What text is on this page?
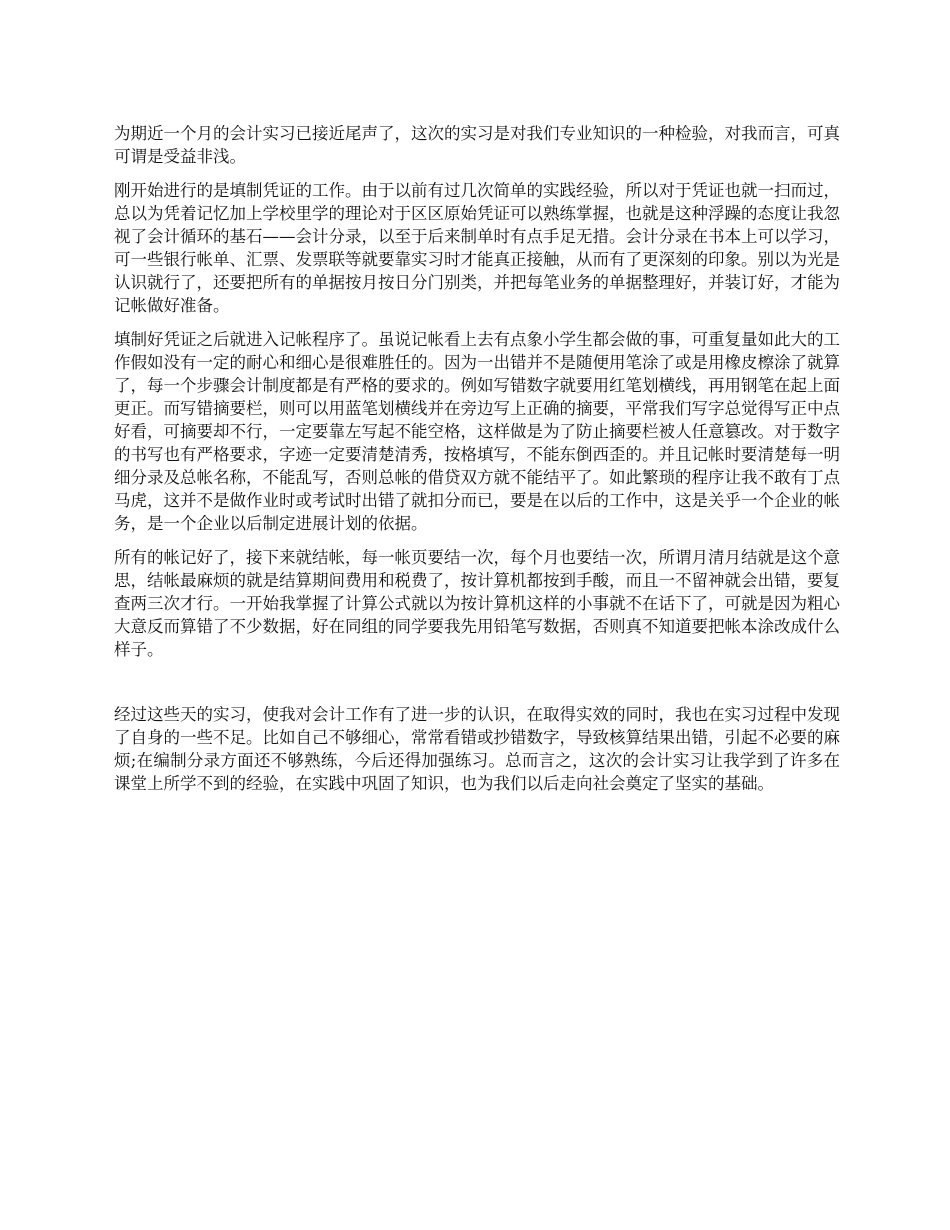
为期近一个月的会计实习已接近尾声了，这次的实习是对我们专业知识的一种检验，对我而言，可真可谓是受益非浅。

刚开始进行的是填制凭证的工作。由于以前有过几次简单的实践经验，所以对于凭证也就一扫而过，总以为凭着记忆加上学校里学的理论对于区区原始凭证可以熟练掌握，也就是这种浮躁的态度让我忽视了会计循环的基石——会计分录，以至于后来制单时有点手足无措。会计分录在书本上可以学习，可一些银行帐单、汇票、发票联等就要靠实习时才能真正接触，从而有了更深刻的印象。别以为光是认识就行了，还要把所有的单据按月按日分门别类，并把每笔业务的单据整理好，并装订好，才能为记帐做好准备。

填制好凭证之后就进入记帐程序了。虽说记帐看上去有点象小学生都会做的事，可重复量如此大的工作假如没有一定的耐心和细心是很难胜任的。因为一出错并不是随便用笔涂了或是用橡皮檫涂了就算了，每一个步骤会计制度都是有严格的要求的。例如写错数字就要用红笔划横线，再用钢笔在起上面更正。而写错摘要栏，则可以用蓝笔划横线并在旁边写上正确的摘要，平常我们写字总觉得写正中点好看，可摘要却不行，一定要靠左写起不能空格，这样做是为了防止摘要栏被人任意篡改。对于数字的书写也有严格要求，字迹一定要清楚清秀，按格填写，不能东倒西歪的。并且记帐时要清楚每一明细分录及总帐名称，不能乱写，否则总帐的借贷双方就不能结平了。如此繁琐的程序让我不敢有丁点马虎，这并不是做作业时或考试时出错了就扣分而已，要是在以后的工作中，这是关乎一个企业的帐务，是一个企业以后制定进展计划的依据。

所有的帐记好了，接下来就结帐，每一帐页要结一次，每个月也要结一次，所谓月清月结就是这个意思，结帐最麻烦的就是结算期间费用和税费了，按计算机都按到手酸，而且一不留神就会出错，要复查两三次才行。一开始我掌握了计算公式就以为按计算机这样的小事就不在话下了，可就是因为粗心大意反而算错了不少数据，好在同组的同学要我先用铅笔写数据，否则真不知道要把帐本涂改成什么样子。

经过这些天的实习，使我对会计工作有了进一步的认识，在取得实效的同时，我也在实习过程中发现了自身的一些不足。比如自己不够细心，常常看错或抄错数字，导致核算结果出错，引起不必要的麻烦;在编制分录方面还不够熟练，今后还得加强练习。总而言之，这次的会计实习让我学到了许多在课堂上所学不到的经验，在实践中巩固了知识，也为我们以后走向社会奠定了坚实的基础。
